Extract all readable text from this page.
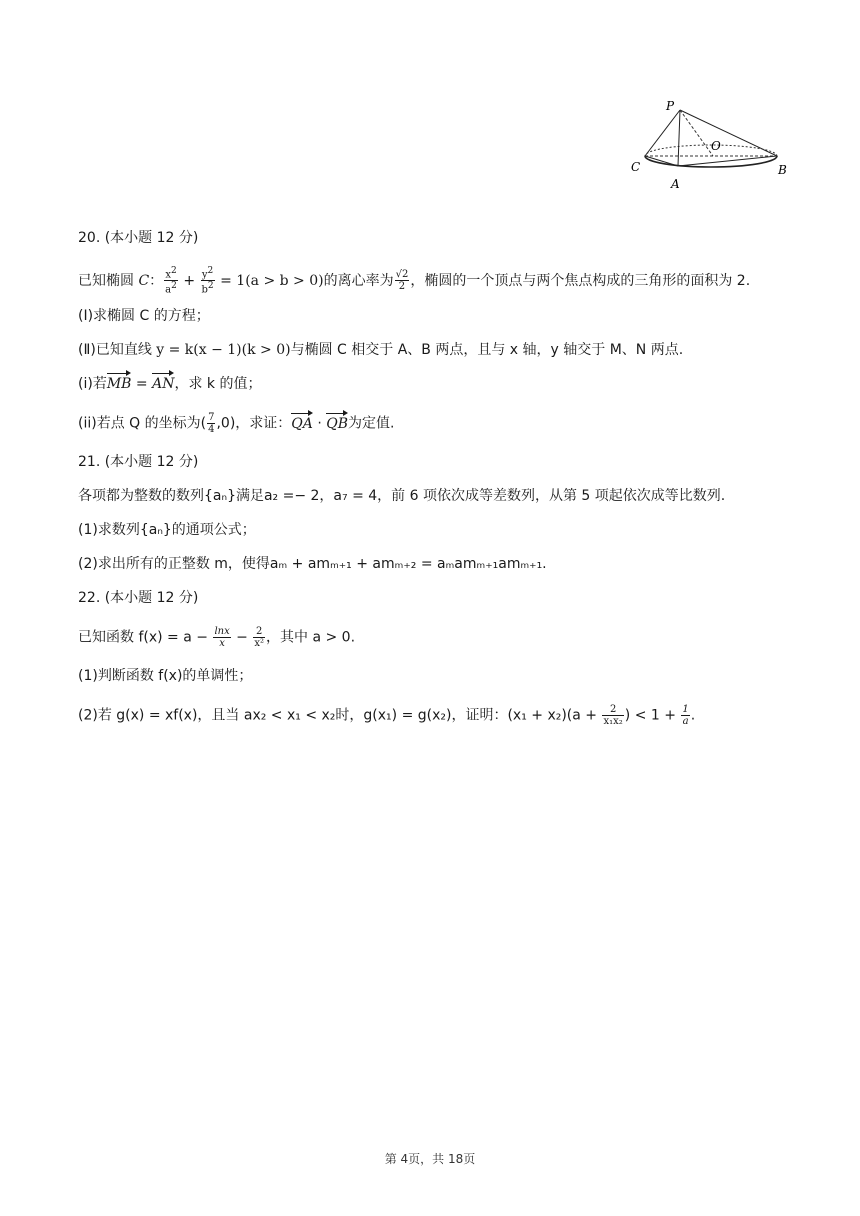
P
O
C
A
B
20. (本小题 12 分)
已知椭圆 C： $\frac{x^2}{a^2} + \frac{y^2}{b^2} = 1(a > b > 0)$的离心率为 $\frac{√2}{2}$ ，椭圆的一个顶点与两个焦点构成的三角形的面积为 2.
(Ⅰ)求椭圆 C 的方程；
(Ⅱ)已知直线 y = k(x − 1)(k > 0)与椭圆 C 相交于 A、B 两点，且与 x 轴，y 轴交于 M、N 两点.
(i)若MB = AN，求 k 的值；
(ii)若点 Q 的坐标为( $\frac{7}{4} ,0$)，求证：QA · QB为定值.
21. (本小题 12 分)
各项都为整数的数列{aₙ}满足a₂ =− 2，a₇ = 4，前 6 项依次成等差数列，从第 5 项起依次成等比数列.
(1)求数列{aₙ}的通项公式；
(2)求出所有的正整数 m，使得aₘ + amₘ₊₁ + amₘ₊₂ = aₘamₘ₊₁amₘ₊₁.
22. (本小题 12 分)
已知函数 $f(x) = a - \frac{\ln x}{x} - \frac{2}{\text{x²}}$ ，其中 a > 0.
(1)判断函数 f(x)的单调性；
(2)若 g(x) = xf(x)，且当 ax₂ < x₁ < x₂时，g(x₁) = g(x₂)，证明：$(x_1 + x_2)(a + \frac{2}{\text{x₁x₂}}$ ) < $1 + \frac{1}{a}$ .
第 4页，共 18页
